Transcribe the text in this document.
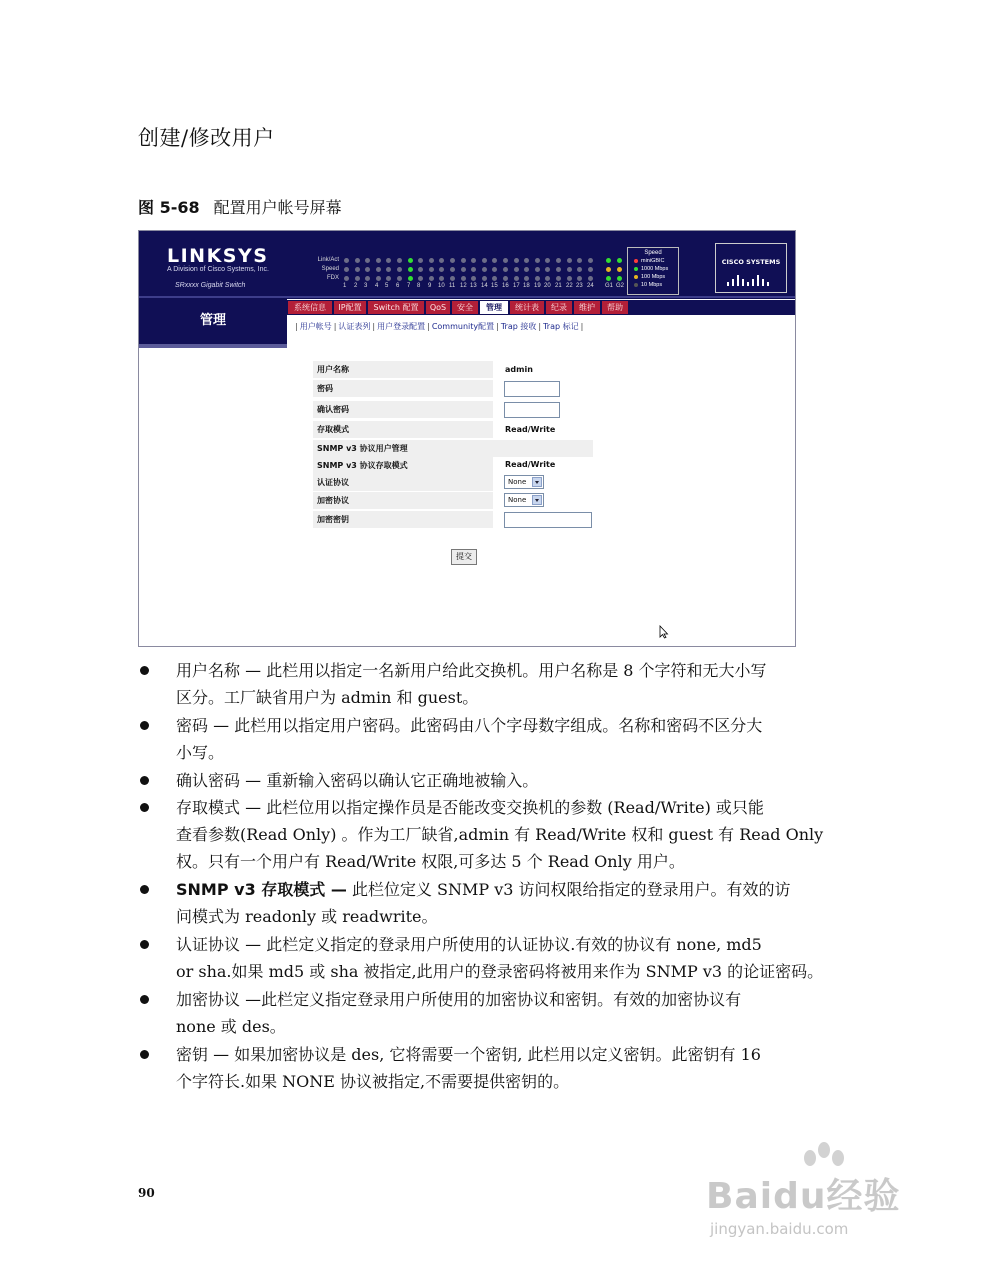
创建/修改用户
图 5-68 配置用户帐号屏幕
LINKSYS
A Division of Cisco Systems, Inc.
SRxxxx Gigabit Switch
Link/Act
Speed
FDX
1 2 3 4 5 6 7 8 9 10 11 12 13 14 15 16 17 18 19 20 21 22 23 24 G1 G2
Speed
miniGBIC
1000 Mbps
100 Mbps
10 Mbps
CISCO SYSTEMS
管理
系统信息	IP配置	Switch 配置	QoS	安全	管理	统计表	纪录	维护	帮助
| 用户帐号 | 认证表列 | 用户登录配置 | Community配置 | Trap 接收 | Trap 标记 |
用户名称	admin
密码
确认密码
存取模式	Read/Write
SNMP v3 协议用户管理
SNMP v3 协议存取模式	Read/Write
认证协议	None
加密协议	None
加密密钥
提交
用户名称 — 此栏用以指定一名新用户给此交换机。用户名称是 8 个字符和无大小写
区分。工厂缺省用户为 admin 和 guest。
密码 — 此栏用以指定用户密码。此密码由八个字母数字组成。名称和密码不区分大
小写。
确认密码 — 重新输入密码以确认它正确地被输入。
存取模式 — 此栏位用以指定操作员是否能改变交换机的参数 (Read/Write) 或只能
查看参数(Read Only) 。作为工厂缺省,admin 有 Read/Write 权和 guest 有 Read Only
权。只有一个用户有 Read/Write 权限,可多达 5 个 Read Only 用户。
SNMP v3 存取模式 — 此栏位定义 SNMP v3 访问权限给指定的登录用户。有效的访
问模式为 readonly 或 readwrite。
认证协议 — 此栏定义指定的登录用户所使用的认证协议.有效的协议有 none, md5
or sha.如果 md5 或 sha 被指定,此用户的登录密码将被用来作为 SNMP v3 的论证密码。
加密协议 —此栏定义指定登录用户所使用的加密协议和密钥。有效的加密协议有
none 或 des。
密钥 — 如果加密协议是 des, 它将需要一个密钥, 此栏用以定义密钥。此密钥有 16
个字符长.如果 NONE 协议被指定,不需要提供密钥的。
90	Baidu经验
jingyan.baidu.com
